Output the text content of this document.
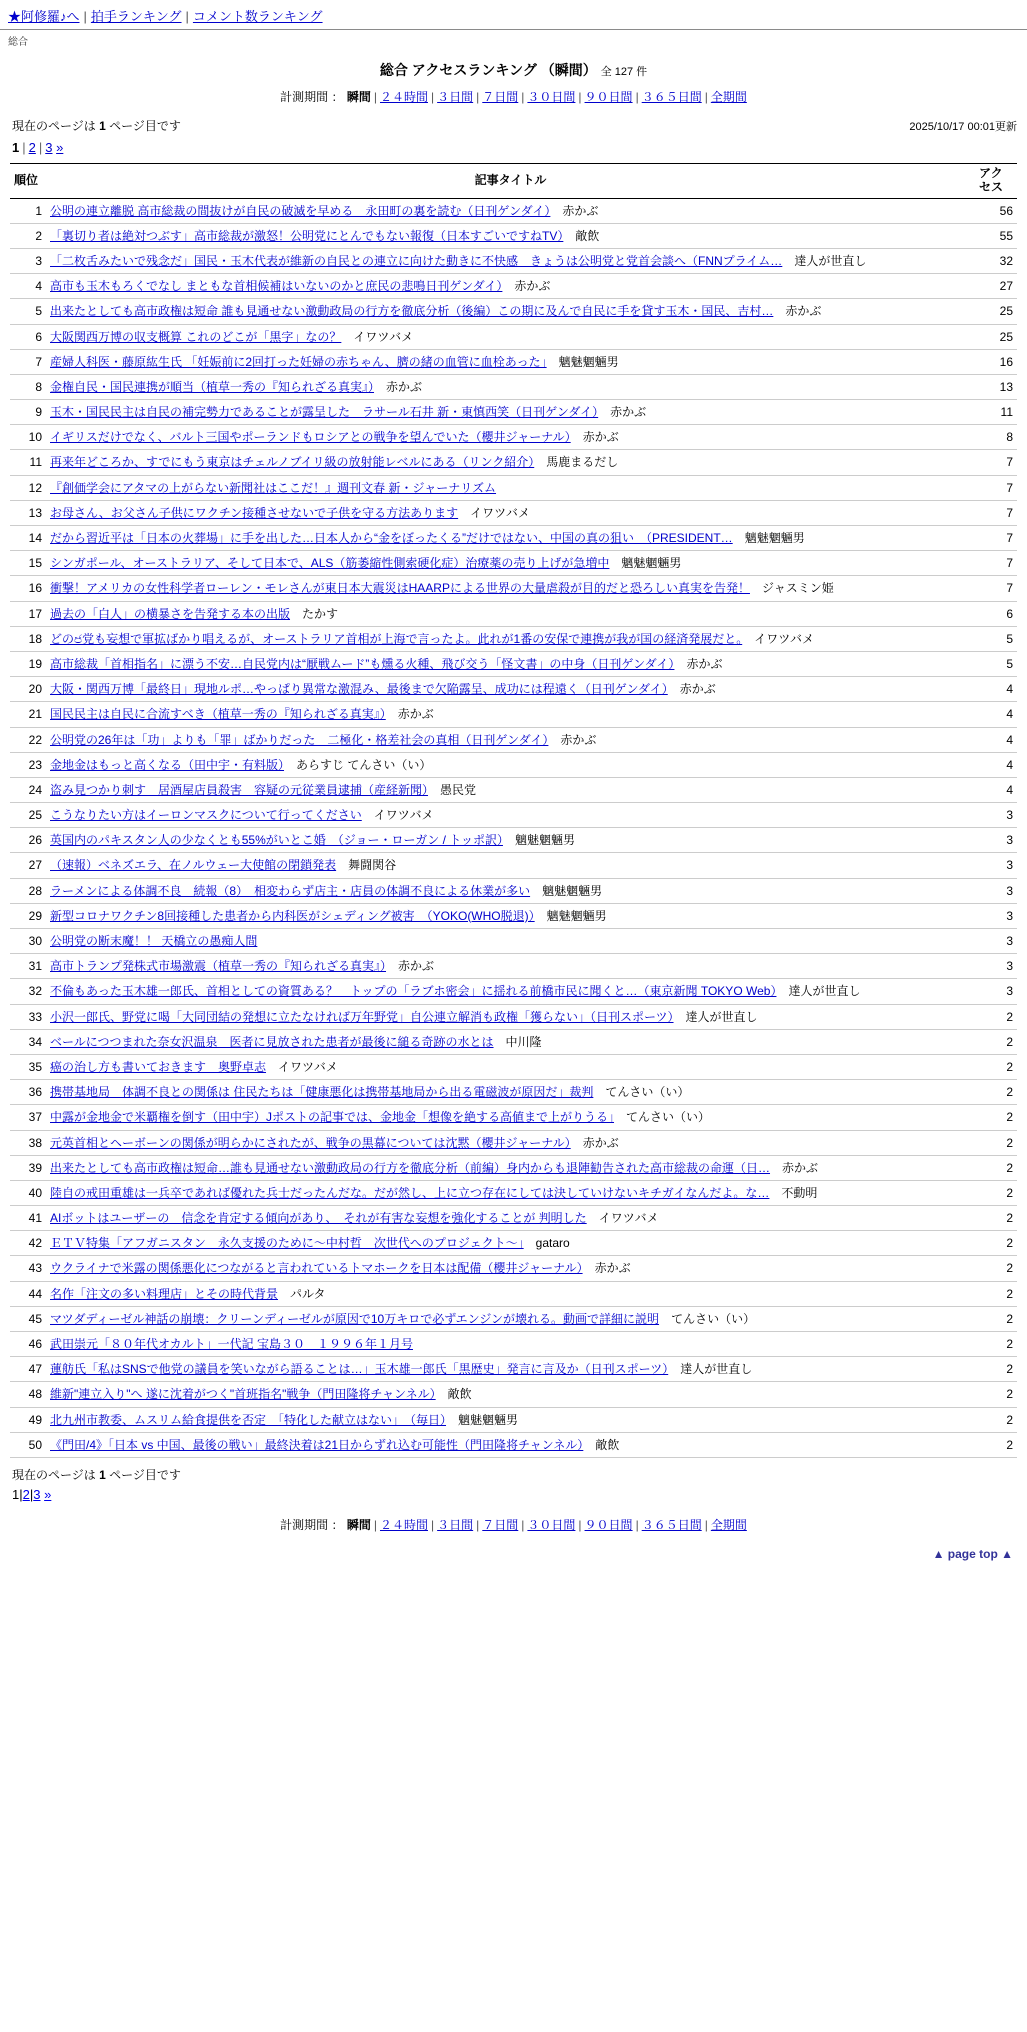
★阿修羅♪へ | 拍手ランキング | コメント数ランキング
総合
総合 アクセスランキング （瞬間） 全 127 件
計測期間 ： 瞬間 | ２４時間 | ３日間 | ７日間 | ３０日間 | ９０日間 | ３６５日間 | 全期間
現在のページは 1 ページ目です	2025/10/17 00:01更新
1 | 2 | 3 »
順位	記事タイトル	アクセス
1	公明の連立離脱 高市総裁の間抜けが自民の破滅を早める　永田町の裏を読む（日刊ゲンダイ）　 赤かぶ	56
2	「裏切り者は絶対つぶす」高市総裁が激怒！公明党にとんでもない報復（日本すごいですねTV）　 敵飲	55
3	「二枚舌みたいで残念だ」国民・玉木代表が維新の自民との連立に向けた動きに不快感　きょうは公明党と党首会談へ（FNNプライム…　 達人が世直し	32
4	高市も玉木もろくでなし まともな首相候補はいないのかと庶民の悲鳴日刊ゲンダイ）　 赤かぶ	27
5	出来たとしても高市政権は短命 誰も見通せない激動政局の行方を徹底分析（後編）この期に及んで自民に手を貸す玉木・国民、吉村…　 赤かぶ	25
6	大阪関西万博の収支概算 これのどこが「黒字」なの？　 イワツバメ	25
7	産婦人科医・藤原紘生氏 「妊娠前に2回打った妊婦の赤ちゃん、臍の緒の血管に血栓あった」　 魑魅魍魎男	16
8	金権自民・国民連携が順当（植草一秀の『知られざる真実』）　 赤かぶ	13
9	玉木・国民民主は自民の補完勢力であることが露呈した　ラサール石井 新・東慎西笑（日刊ゲンダイ）　 赤かぶ	11
10	イギリスだけでなく、バルト三国やポーランドもロシアとの戦争を望んでいた（櫻井ジャーナル）　 赤かぶ	8
11	再来年どころか、すでにもう東京はチェルノブイリ級の放射能レベルにある（リンク紹介）　 馬鹿まるだし	7
12	『創価学会にアタマの上がらない新聞社はここだ！』週刊文春 新・ジャーナリズム	7
13	お母さん、お父さん子供にワクチン接種させないで子供を守る方法あります　 イワツバメ	7
14	だから習近平は「日本の火葬場」に手を出した…日本人から“金をぼったくる”だけではない、中国の真の狙い　（PRESIDENT…　 魑魅魍魎男	7
15	シンガポール、オーストラリア、そして日本で、ALS（筋萎縮性側索硬化症）治療薬の売り上げが急増中　 魑魅魍魎男	7
16	衝撃！アメリカの女性科学者ローレン・モレさんが東日本大震災はHAARPによる世界の大量虐殺が目的だと恐ろしい真実を告発！　 ジャスミン姫	7
17	過去の「白人」の横暴さを告発する本の出版　 たかす	6
18	どのජ党も妄想で軍拡ばかり唱えるが、オーストラリア首相が上海で言ったよ。此れが1番の安保で連携が我が国の経済発展だと。　 イワツバメ	5
19	高市総裁「首相指名」に漂う不安…自民党内は“厭戦ムード”も燻る火種、飛び交う「怪文書」の中身（日刊ゲンダイ）　 赤かぶ	5
20	大阪・関西万博「最終日」現地ルポ…やっぱり異常な激混み、最後まで欠陥露呈、成功には程遠く（日刊ゲンダイ）　 赤かぶ	4
21	国民民主は自民に合流すべき（植草一秀の『知られざる真実』）　 赤かぶ	4
22	公明党の26年は「功」よりも「罪」ばかりだった　二極化・格差社会の真相（日刊ゲンダイ）　 赤かぶ	4
23	金地金はもっと高くなる（田中宇・有料版）　 あらすじ てんさい（い）	4
24	盗み見つかり刺す　居酒屋店員殺害　容疑の元従業員逮捕（産経新聞）　 愚民党	4
25	こうなりたい方はイーロンマスクについて行ってください　 イワツバメ	3
26	英国内のパキスタン人の少なくとも55%がいとこ婚　（ジョー・ローガン / トッポ訳）　 魑魅魍魎男	3
27	（速報）ベネズエラ、在ノルウェー大使館の閉鎖発表　 舞闘関谷	3
28	ラーメンによる体調不良　続報（8）　相変わらず店主・店員の体調不良による休業が多い　 魑魅魍魎男	3
29	新型コロナワクチン8回接種した患者から内科医がシェディング被害　（YOKO(WHO脱退)）　 魑魅魍魎男	3
30	公明党の断末魔！！ 天橋立の愚痴人間	3
31	高市トランプ発株式市場激震（植草一秀の『知られざる真実』）　 赤かぶ	3
32	不倫もあった玉木雄一郎氏、首相としての資質ある？　トップの「ラブホ密会」に揺れる前橋市民に聞くと…（東京新聞 TOKYO Web）　 達人が世直し	3
33	小沢一郎氏、野党に喝「大同団結の発想に立たなければ万年野党」自公連立解消も政権「獲らない」（日刊スポーツ）　 達人が世直し	2
34	ベールにつつまれた奈女沢温泉　医者に見放された患者が最後に縋る奇跡の水とは　 中川隆	2
35	癌の治し方も書いておきます　奥野卓志　 イワツバメ	2
36	携帯基地局　体調不良との関係は 住民たちは「健康悪化は携帯基地局から出る電磁波が原因だ」裁判　 てんさい（い）	2
37	中露が金地金で米覇権を倒す（田中宇）Jポストの記事では、金地金「想像を絶する高値まで上がりうる」　 てんさい（い）	2
38	元英首相とヘーボーンの関係が明らかにされたが、戦争の黒幕については沈黙（櫻井ジャーナル）　 赤かぶ	2
39	出来たとしても高市政権は短命…誰も見通せない激動政局の行方を徹底分析（前編）身内からも退陣勧告された高市総裁の命運（日…　 赤かぶ	2
40	陸自の戒田重雄は一兵卒であれば優れた兵士だったんだな。だが然し、上に立つ存在にしては決していけないキチガイなんだよ。な…　 不動明	2
41	AIボットはユーザーの　信念を肯定する傾向があり、　それが有害な妄想を強化することが 判明した　 イワツバメ	2
42	ＥＴＶ特集「アフガニスタン　永久支援のために～中村哲　次世代へのプロジェクト～」　 gataro	2
43	ウクライナで米露の関係悪化につながると言われているトマホークを日本は配備（櫻井ジャーナル）　 赤かぶ	2
44	名作「注文の多い料理店」とその時代背景　 パルタ	2
45	マツダディーゼル神話の崩壊：クリーンディーゼルが原因で10万キロで必ずエンジンが壊れる。動画で詳細に説明　 てんさい（い）	2
46	武田崇元「８０年代オカルト」一代記 宝島３０　１９９６年１月号	2
47	蓮舫氏「私はSNSで他党の議員を笑いながら語ることは…」玉木雄一郎氏「黒歴史」発言に言及か（日刊スポーツ）　 達人が世直し	2
48	維新"連立入り"へ 遂に沈着がつく"首班指名"戦争（門田隆将チャンネル）　 敵飲	2
49	北九州市教委、ムスリム給食提供を否定　「特化した献立はない」　（毎日）　 魑魅魍魎男	2
50	《門田/4》「日本 vs 中国、最後の戦い」最終決着は21日からずれ込む可能性（門田隆将チャンネル）　 敵飲	2
現在のページは 1 ページ目です
1|2|3 »
計測期間 ： 瞬間 | ２４時間 | ３日間 | ７日間 | ３０日間 | ９０日間 | ３６５日間 | 全期間
▲ page top ▲
